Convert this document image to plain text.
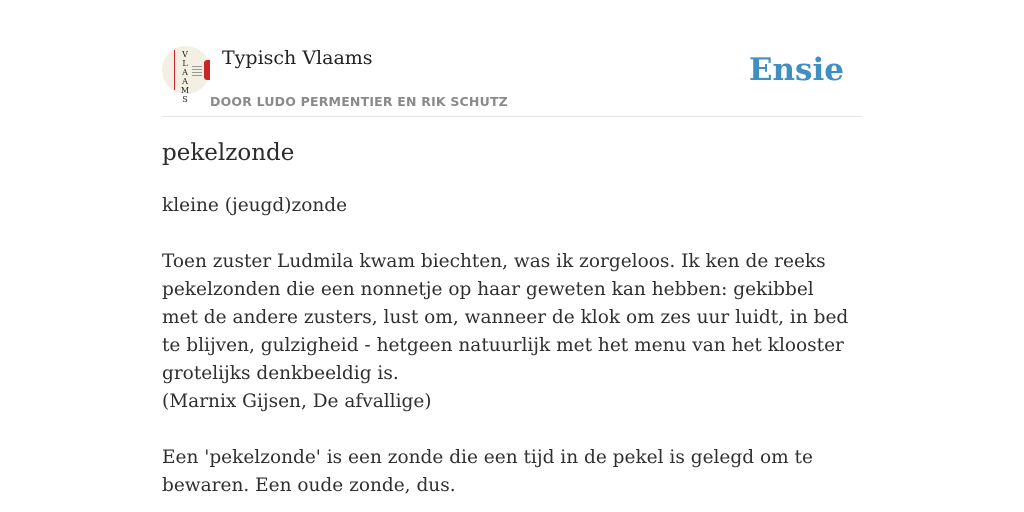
V
L
A
A
M
S
Typisch Vlaams
DOOR LUDO PERMENTIER EN RIK SCHUTZ
Ensie
pekelzonde

kleine (jeugd)zonde

Toen zuster Ludmila kwam biechten, was ik zorgeloos. Ik ken de reeks pekelzonden die een nonnetje op haar geweten kan hebben: gekibbel met de andere zusters, lust om, wanneer de klok om zes uur luidt, in bed te blijven, gulzigheid - hetgeen natuurlijk met het menu van het klooster grotelijks denkbeeldig is.

(Marnix Gijsen, De afvallige)

Een 'pekelzonde' is een zonde die een tijd in de pekel is gelegd om te bewaren. Een oude zonde, dus.
